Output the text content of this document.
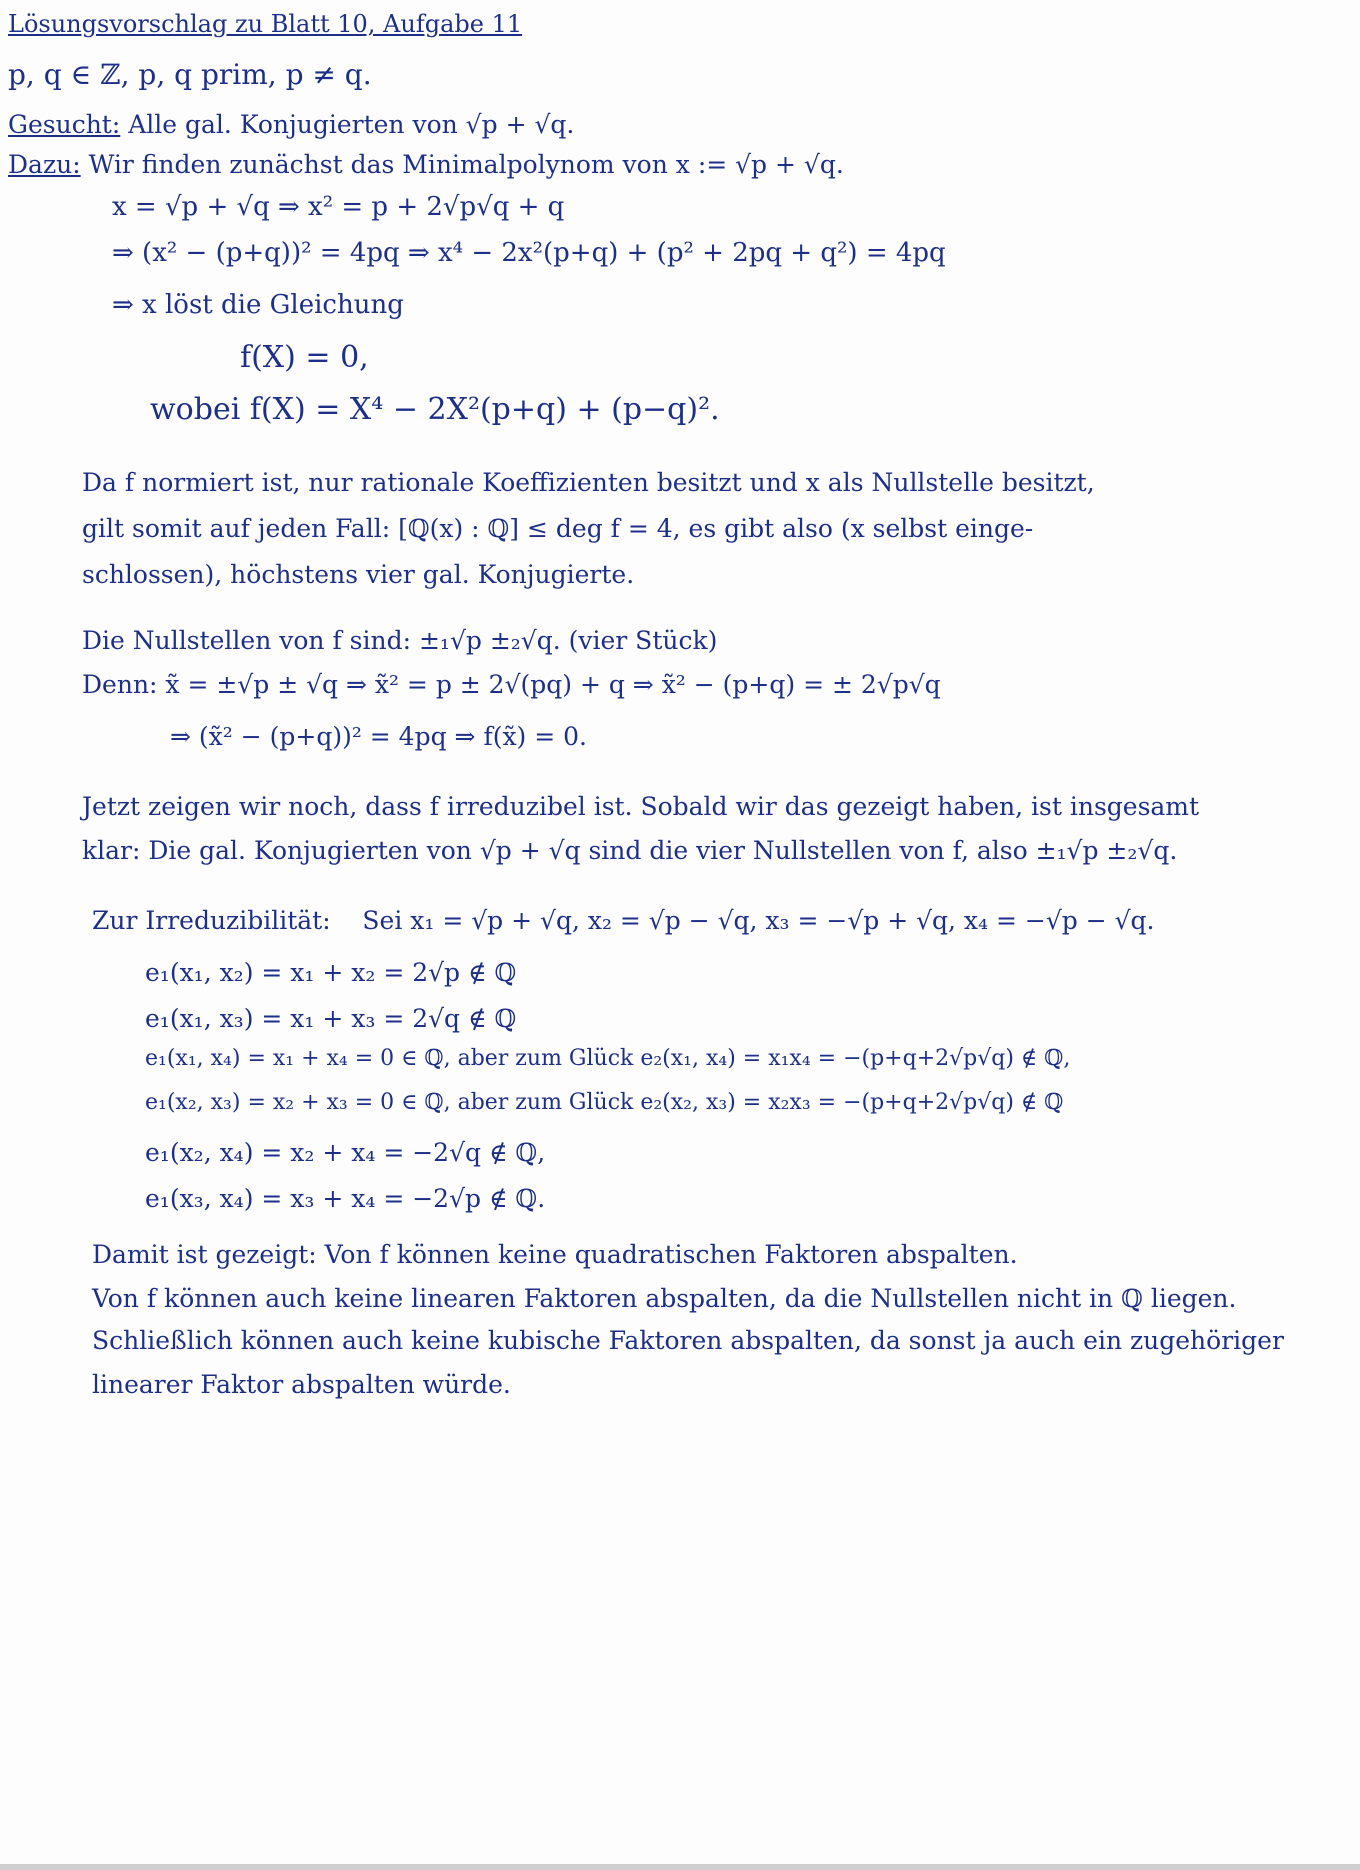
Lösungsvorschlag zu Blatt 10, Aufgabe 11
p, q ∈ ℤ, p, q prim, p ≠ q.
Gesucht: Alle gal. Konjugierten von √p + √q.
Dazu: Wir finden zunächst das Minimalpolynom von x := √p + √q.
x = √p + √q ⇒ x² = p + 2√p√q + q
⇒ (x² − (p+q))² = 4pq ⇒ x⁴ − 2x²(p+q) + (p² + 2pq + q²) = 4pq
⇒ x löst die Gleichung
f(X) = 0,
wobei f(X) = X⁴ − 2X²(p+q) + (p−q)².
Da f normiert ist, nur rationale Koeffizienten besitzt und x als Nullstelle besitzt,
gilt somit auf jeden Fall: [ℚ(x) : ℚ] ≤ deg f = 4, es gibt also (x selbst einge-
schlossen), höchstens vier gal. Konjugierte.
Die Nullstellen von f sind: ±₁√p ±₂√q. (vier Stück)
Denn: x̃ = ±√p ± √q ⇒ x̃² = p ± 2√(pq) + q ⇒ x̃² − (p+q) = ± 2√p√q
⇒ (x̃² − (p+q))² = 4pq ⇒ f(x̃) = 0.
Jetzt zeigen wir noch, dass f irreduzibel ist. Sobald wir das gezeigt haben, ist insgesamt
klar: Die gal. Konjugierten von √p + √q sind die vier Nullstellen von f, also ±₁√p ±₂√q.
Zur Irreduzibilität: Sei x₁ = √p + √q, x₂ = √p − √q, x₃ = −√p + √q, x₄ = −√p − √q.
e₁(x₁, x₂) = x₁ + x₂ = 2√p ∉ ℚ
e₁(x₁, x₃) = x₁ + x₃ = 2√q ∉ ℚ
e₁(x₁, x₄) = x₁ + x₄ = 0 ∈ ℚ, aber zum Glück e₂(x₁, x₄) = x₁x₄ = −(p+q+2√p√q) ∉ ℚ,
e₁(x₂, x₃) = x₂ + x₃ = 0 ∈ ℚ, aber zum Glück e₂(x₂, x₃) = x₂x₃ = −(p+q+2√p√q) ∉ ℚ
e₁(x₂, x₄) = x₂ + x₄ = −2√q ∉ ℚ,
e₁(x₃, x₄) = x₃ + x₄ = −2√p ∉ ℚ.
Damit ist gezeigt: Von f können keine quadratischen Faktoren abspalten.
Von f können auch keine linearen Faktoren abspalten, da die Nullstellen nicht in ℚ liegen.
Schließlich können auch keine kubische Faktoren abspalten, da sonst ja auch ein zugehöriger
linearer Faktor abspalten würde.
